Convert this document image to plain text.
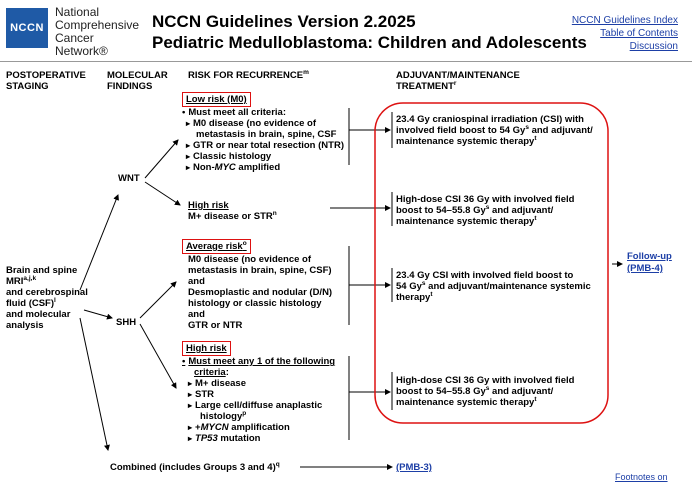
NCCN
National
Comprehensive
Cancer
Network®
NCCN Guidelines Version 2.2025
Pediatric Medulloblastoma: Children and Adolescents
NCCN Guidelines Index
Table of Contents
Discussion
POSTOPERATIVE
STAGING
MOLECULAR
FINDINGS
RISK FOR RECURRENCE$^m$	ADJUVANT/MAINTENANCE
TREATMENT$^r$
Brain and spine
MRI$^{a,j,k}$
and cerebrospinal
fluid (CSF)$^l$
and molecular
analysis
WNT
SHH
Combined (includes Groups 3 and 4)$^q$	(PMB-3)
Low risk (M0)
• Must meet all criteria:
▸ M0 disease (no evidence of
metastasis in brain, spine, CSF
▸ GTR or near total resection (NTR)
▸ Classic histology
▸ Non-MYC amplified
High risk
M+ disease or STR$^n$
Average risk$^o$
M0 disease (no evidence of
metastasis in brain, spine, CSF)
and
Desmoplastic and nodular (D/N)
histology or classic histology
and
GTR or NTR
High risk
• Must meet any 1 of the following
criteria:
▸ M+ disease
▸ STR
▸ Large cell/diffuse anaplastic
histology$^p$
▸ +MYCN amplification
▸ TP53 mutation
23.4 Gy craniospinal irradiation (CSI) with
involved field boost to 54 Gy$^s$ and adjuvant/
maintenance systemic therapy$^t$
High-dose CSI 36 Gy with involved field
boost to 54–55.8 Gy$^s$ and adjuvant/
maintenance systemic therapy$^t$
23.4 Gy CSI with involved field boost to
54 Gy$^s$ and adjuvant/maintenance systemic
therapy$^t$
High-dose CSI 36 Gy with involved field
boost to 54–55.8 Gy$^s$ and adjuvant/
maintenance systemic therapy$^t$
Follow-up
(PMB-4)
Footnotes on
